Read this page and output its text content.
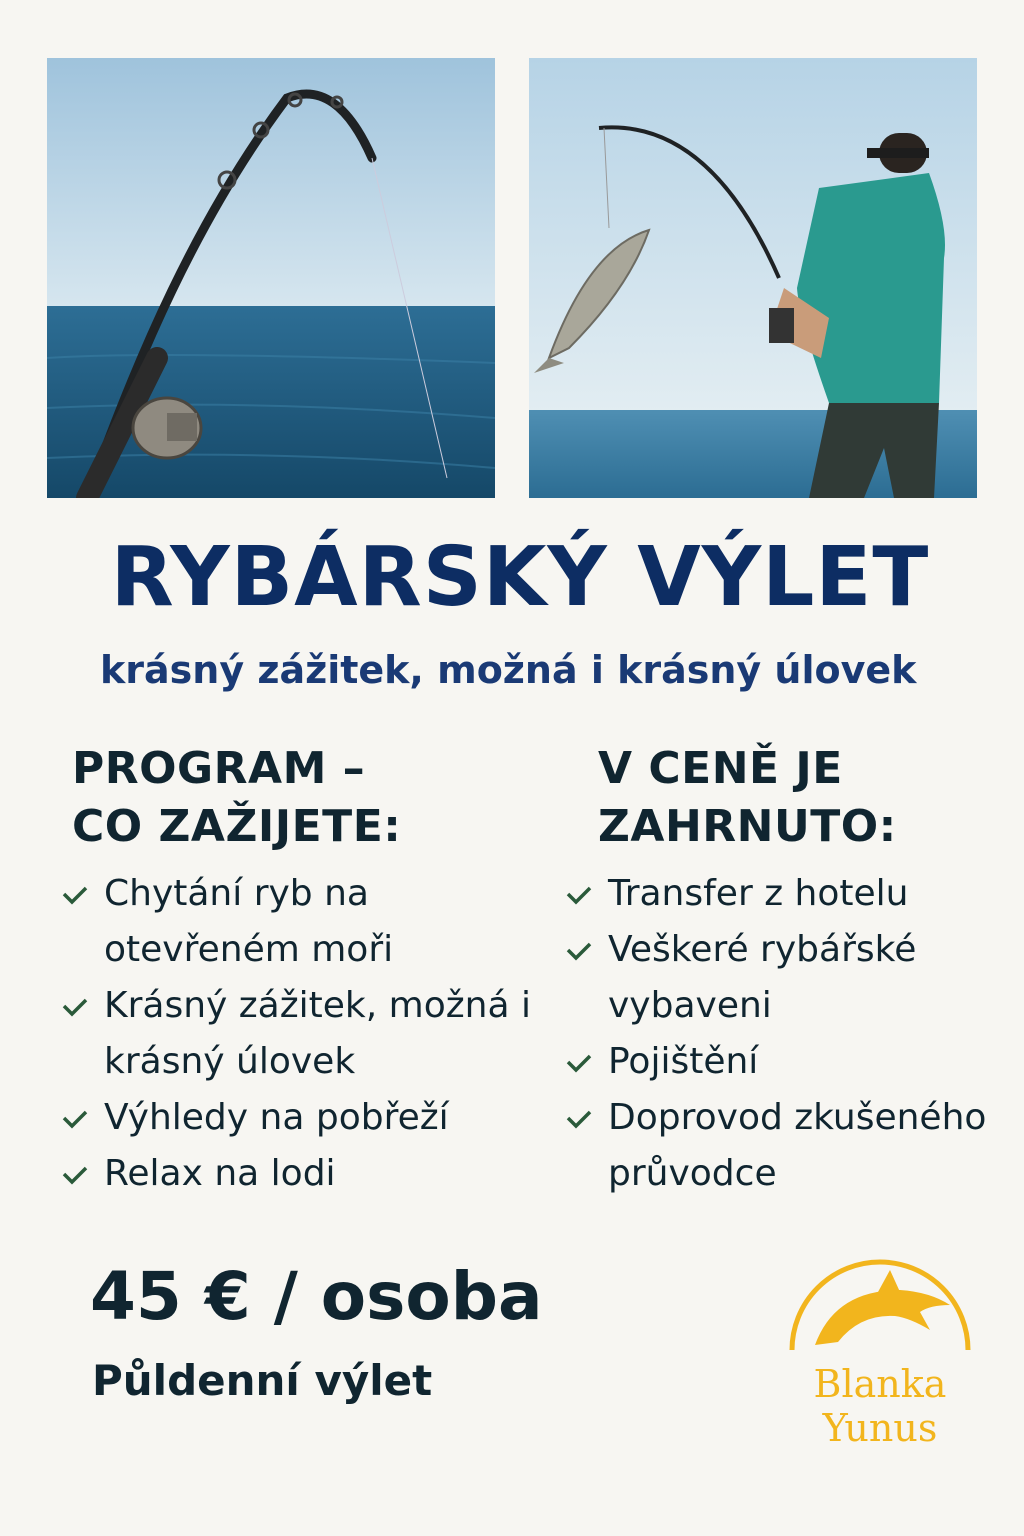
RYBÁRSKÝ VÝLET
krásný zážitek, možná i krásný úlovek
PROGRAM –
CO ZAŽIJETE:
Chytání ryb na otevřeném moři
Krásný zážitek, možná i krásný úlovek
Výhledy na pobřeží
Relax na lodi
V CENĚ JE
ZAHRNUTO:
Transfer z hotelu
Veškeré rybářské vybaveni
Pojištění
Doprovod zkušeného průvodce
45 € / osoba
Půldenní výlet	Blanka
Yunus
